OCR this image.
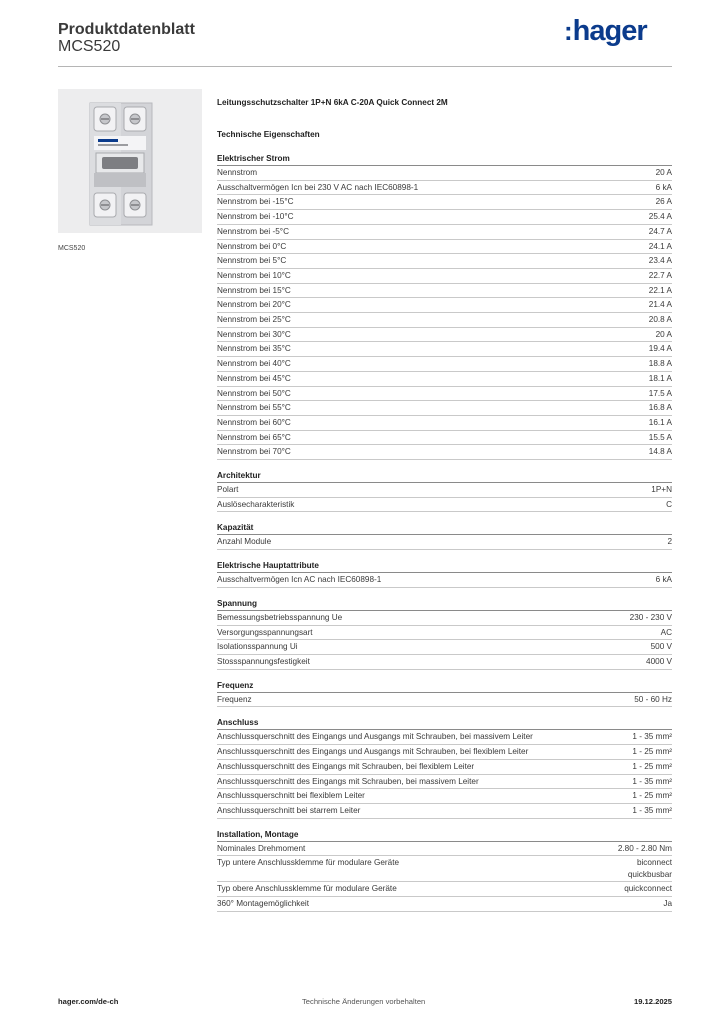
Produktdatenblatt
MCS520
:hager
MCS520
Leitungsschutzschalter 1P+N 6kA C-20A Quick Connect 2M
Technische Eigenschaften
Elektrischer Strom
Nennstrom	20 A
Ausschaltvermögen Icn bei 230 V AC nach IEC60898-1	6 kA
Nennstrom bei -15°C	26 A
Nennstrom bei -10°C	25.4 A
Nennstrom bei -5°C	24.7 A
Nennstrom bei 0°C	24.1 A
Nennstrom bei 5°C	23.4 A
Nennstrom bei 10°C	22.7 A
Nennstrom bei 15°C	22.1 A
Nennstrom bei 20°C	21.4 A
Nennstrom bei 25°C	20.8 A
Nennstrom bei 30°C	20 A
Nennstrom bei 35°C	19.4 A
Nennstrom bei 40°C	18.8 A
Nennstrom bei 45°C	18.1 A
Nennstrom bei 50°C	17.5 A
Nennstrom bei 55°C	16.8 A
Nennstrom bei 60°C	16.1 A
Nennstrom bei 65°C	15.5 A
Nennstrom bei 70°C	14.8 A
Architektur
Polart	1P+N
Auslösecharakteristik	C
Kapazität
Anzahl Module	2
Elektrische Hauptattribute
Ausschaltvermögen Icn AC nach IEC60898-1	6 kA
Spannung
Bemessungsbetriebsspannung Ue	230 - 230 V
Versorgungsspannungsart	AC
Isolationsspannung Ui	500 V
Stossspannungsfestigkeit	4000 V
Frequenz
Frequenz	50 - 60 Hz
Anschluss
Anschlussquerschnitt des Eingangs und Ausgangs mit Schrauben, bei massivem Leiter	1 - 35 mm²
Anschlussquerschnitt des Eingangs und Ausgangs mit Schrauben, bei flexiblem Leiter	1 - 25 mm²
Anschlussquerschnitt des Eingangs mit Schrauben, bei flexiblem Leiter	1 - 25 mm²
Anschlussquerschnitt des Eingangs mit Schrauben, bei massivem Leiter	1 - 35 mm²
Anschlussquerschnitt bei flexiblem Leiter	1 - 25 mm²
Anschlussquerschnitt bei starrem Leiter	1 - 35 mm²
Installation, Montage
Nominales Drehmoment	2.80 - 2.80 Nm
Typ untere Anschlussklemme für modulare Geräte	biconnect
quickbusbar
Typ obere Anschlussklemme für modulare Geräte	quickconnect
360° Montagemöglichkeit	Ja
hager.com/de-ch	Technische Änderungen vorbehalten	19.12.2025
